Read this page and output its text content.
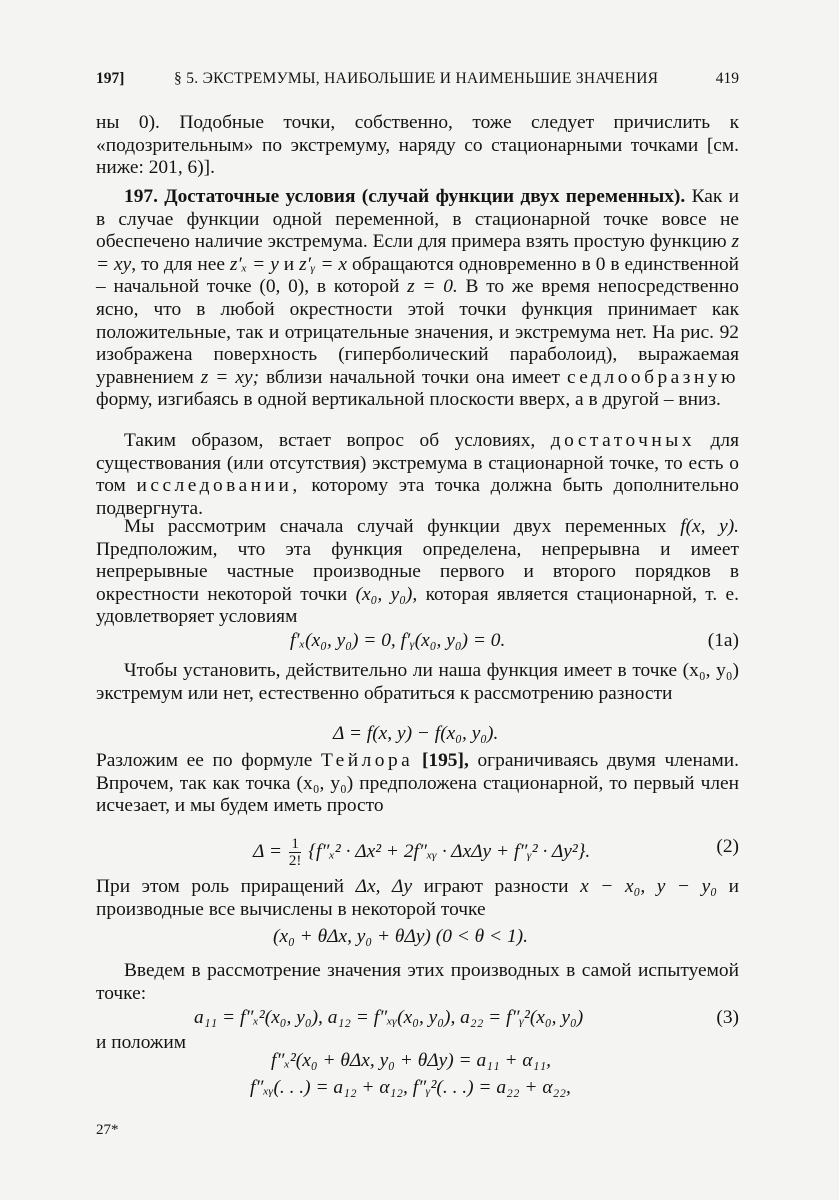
197]	§ 5. ЭКСТРЕМУМЫ, НАИБОЛЬШИЕ И НАИМЕНЬШИЕ ЗНАЧЕНИЯ	419
ны 0). Подобные точки, собственно, тоже следует причислить к «подозрительным» по экстремуму, наряду со стационарными точками [см. ниже: 201, 6)].
197. Достаточные условия (случай функции двух переменных). Как и в случае функции одной переменной, в стационарной точке вовсе не обеспечено наличие экстремума. Если для примера взять простую функцию z = xy, то для нее z′ₓ = y и z′ᵧ = x обращаются одновременно в 0 в единственной – начальной точке (0, 0), в которой z = 0. В то же время непосредственно ясно, что в любой окрестности этой точки функция принимает как положительные, так и отрицательные значения, и экстремума нет. На рис. 92 изображена поверхность (гиперболический параболоид), выражаемая уравнением z = xy; вблизи начальной точки она имеет седлообразную форму, изгибаясь в одной вертикальной плоскости вверх, а в другой – вниз.
Таким образом, встает вопрос об условиях, достаточных для существования (или отсутствия) экстремума в стационарной точке, то есть о том исследовании, которому эта точка должна быть дополнительно подвергнута.
Мы рассмотрим сначала случай функции двух переменных f(x, y). Предположим, что эта функция определена, непрерывна и имеет непрерывные частные производные первого и второго порядков в окрестности некоторой точки (x₀, y₀), которая является стационарной, т. е. удовлетворяет условиям
f′ₓ(x₀, y₀) = 0, f′ᵧ(x₀, y₀) = 0.	(1а)
Чтобы установить, действительно ли наша функция имеет в точке (x₀, y₀) экстремум или нет, естественно обратиться к рассмотрению разности
Δ = f(x, y) − f(x₀, y₀).
Разложим ее по формуле Тейлора [195], ограничиваясь двумя членами. Впрочем, так как точка (x₀, y₀) предположена стационарной, то первый член исчезает, и мы будем иметь просто
$\Delta = \frac{1}{2!} \{f''_x^2 \cdot \Delta x^2$ + 2f″ₓᵧ · ΔxΔy + f″ᵧ² · Δy²}.	(2)
При этом роль приращений Δx, Δy играют разности x − x₀, y − y₀ и производные все вычислены в некоторой точке
(x₀ + θΔx, y₀ + θΔy) (0 < θ < 1).
Введем в рассмотрение значения этих производных в самой испытуемой точке:
a₁₁ = f″ₓ²(x₀, y₀), a₁₂ = f″ₓᵧ(x₀, y₀), a₂₂ = f″ᵧ²(x₀, y₀)	(3)
и положим
f″ₓ²(x₀ + θΔx, y₀ + θΔy) = a₁₁ + α₁₁,
f″ₓᵧ(. . .) = a₁₂ + α₁₂, f″ᵧ²(. . .) = a₂₂ + α₂₂,
27*
